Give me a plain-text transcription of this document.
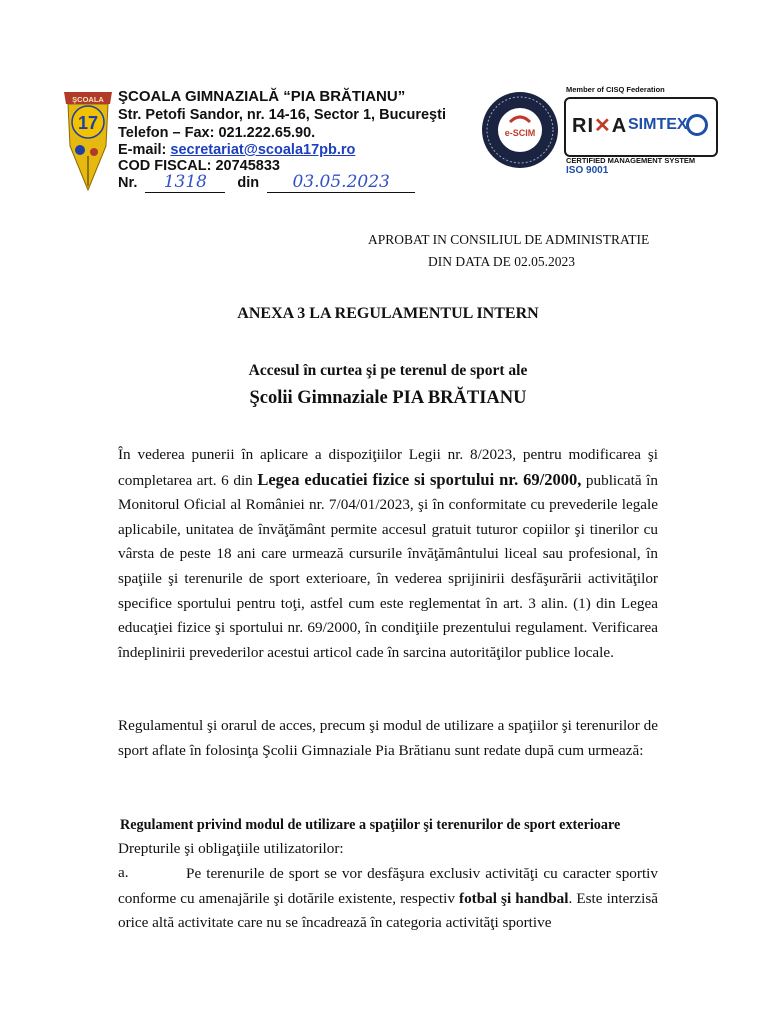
ŞCOALA
17
ŞCOALA GIMNAZIALĂ “PIA BRĂTIANU”
Str. Petofi Sandor, nr. 14-16, Sector 1, Bucureşti
Telefon – Fax: 021.222.65.90.
E-mail: secretariat@scoala17pb.ro
COD FISCAL: 20745833
Nr. 1318 din 03.05.2023
e-SCIM
Member of CISQ Federation
RI✕A SIMTEX
CERTIFIED MANAGEMENT SYSTEM
ISO 9001
APROBAT IN CONSILIUL DE ADMINISTRATIE
DIN DATA DE 02.05.2023
ANEXA 3 LA REGULAMENTUL INTERN
Accesul în curtea şi pe terenul de sport ale
Şcolii Gimnaziale PIA BRĂTIANU
În vederea punerii în aplicare a dispoziţiilor Legii nr. 8/2023, pentru modificarea şi completarea art. 6 din Legea educatiei fizice si sportului nr. 69/2000, publicată în Monitorul Oficial al României nr. 7/04/01/2023, şi în conformitate cu prevederile legale aplicabile, unitatea de învăţământ permite accesul gratuit tuturor copiilor şi tinerilor cu vârsta de peste 18 ani care urmează cursurile învăţământului liceal sau profesional, în spaţiile şi terenurile de sport exterioare, în vederea sprijinirii desfăşurării activităţilor specifice sportului pentru toţi, astfel cum este reglementat în art. 3 alin. (1) din Legea educaţiei fizice şi sportului nr. 69/2000, în condiţiile prezentului regulament. Verificarea îndeplinirii prevederilor acestui articol cade în sarcina autorităţilor publice locale.
Regulamentul şi orarul de acces, precum şi modul de utilizare a spaţiilor şi terenurilor de sport aflate în folosinţa Şcolii Gimnaziale Pia Brătianu sunt redate după cum urmează:
Regulament privind modul de utilizare a spaţiilor şi terenurilor de sport exterioare
Drepturile şi obligaţiile utilizatorilor:
a.	Pe terenurile de sport se vor desfăşura exclusiv activităţi cu caracter sportiv conforme cu amenajările şi dotările existente, respectiv fotbal şi handbal. Este interzisă orice altă activitate care nu se încadrează în categoria activităţi sportive
